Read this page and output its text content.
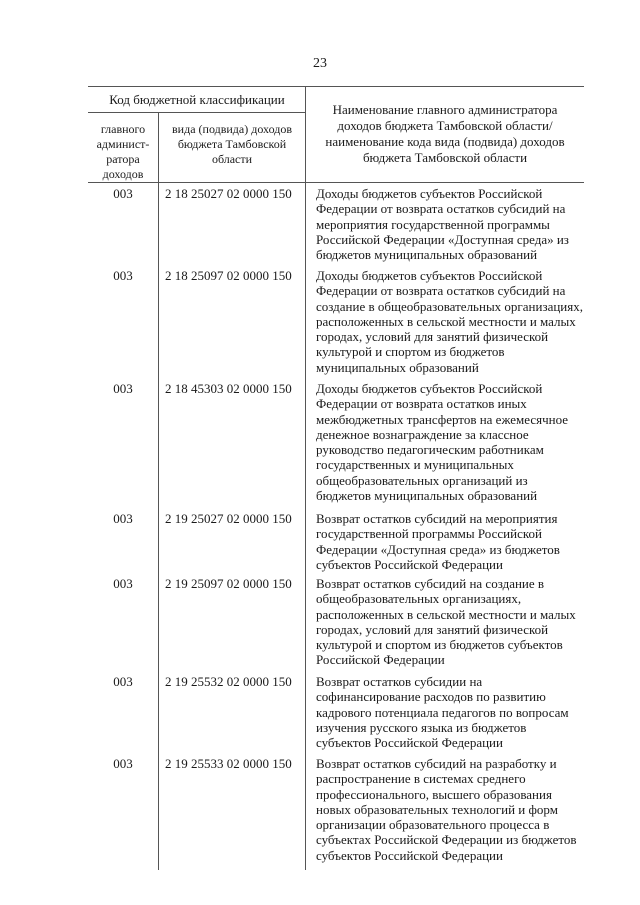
23
Код бюджетной классификации
главного админист-ратора доходов
вида (подвида) доходов бюджета Тамбовской области
Наименование главного администратора доходов бюджета Тамбовской области/наименование кода вида (подвида) доходов бюджета Тамбовской области
003	2 18 25027 02 0000 150	Доходы бюджетов субъектов Российской Федерации от возврата остатков субсидий на мероприятия государственной программы Российской Федерации «Доступная среда» из бюджетов муниципальных образований
003	2 18 25097 02 0000 150	Доходы бюджетов субъектов Российской Федерации от возврата остатков субсидий на создание в общеобразовательных организациях, расположенных в сельской местности и малых городах, условий для занятий физической культурой и спортом из бюджетов муниципальных образований
003	2 18 45303 02 0000 150	Доходы бюджетов субъектов Российской Федерации от возврата остатков иных межбюджетных трансфертов на ежемесячное денежное вознаграждение за классное руководство педагогическим работникам государственных и муниципальных общеобразовательных организаций из бюджетов муниципальных образований
003	2 19 25027 02 0000 150	Возврат остатков субсидий на мероприятия государственной программы Российской Федерации «Доступная среда» из бюджетов субъектов Российской Федерации
003	2 19 25097 02 0000 150	Возврат остатков субсидий на создание в общеобразовательных организациях, расположенных в сельской местности и малых городах, условий для занятий физической культурой и спортом из бюджетов субъектов Российской Федерации
003	2 19 25532 02 0000 150	Возврат остатков субсидии на софинансирование расходов по развитию кадрового потенциала педагогов по вопросам изучения русского языка из бюджетов субъектов Российской Федерации
003	2 19 25533 02 0000 150	Возврат остатков субсидий на разработку и распространение в системах среднего профессионального, высшего образования новых образовательных технологий и форм организации образовательного процесса в субъектах Российской Федерации из бюджетов субъектов Российской Федерации
